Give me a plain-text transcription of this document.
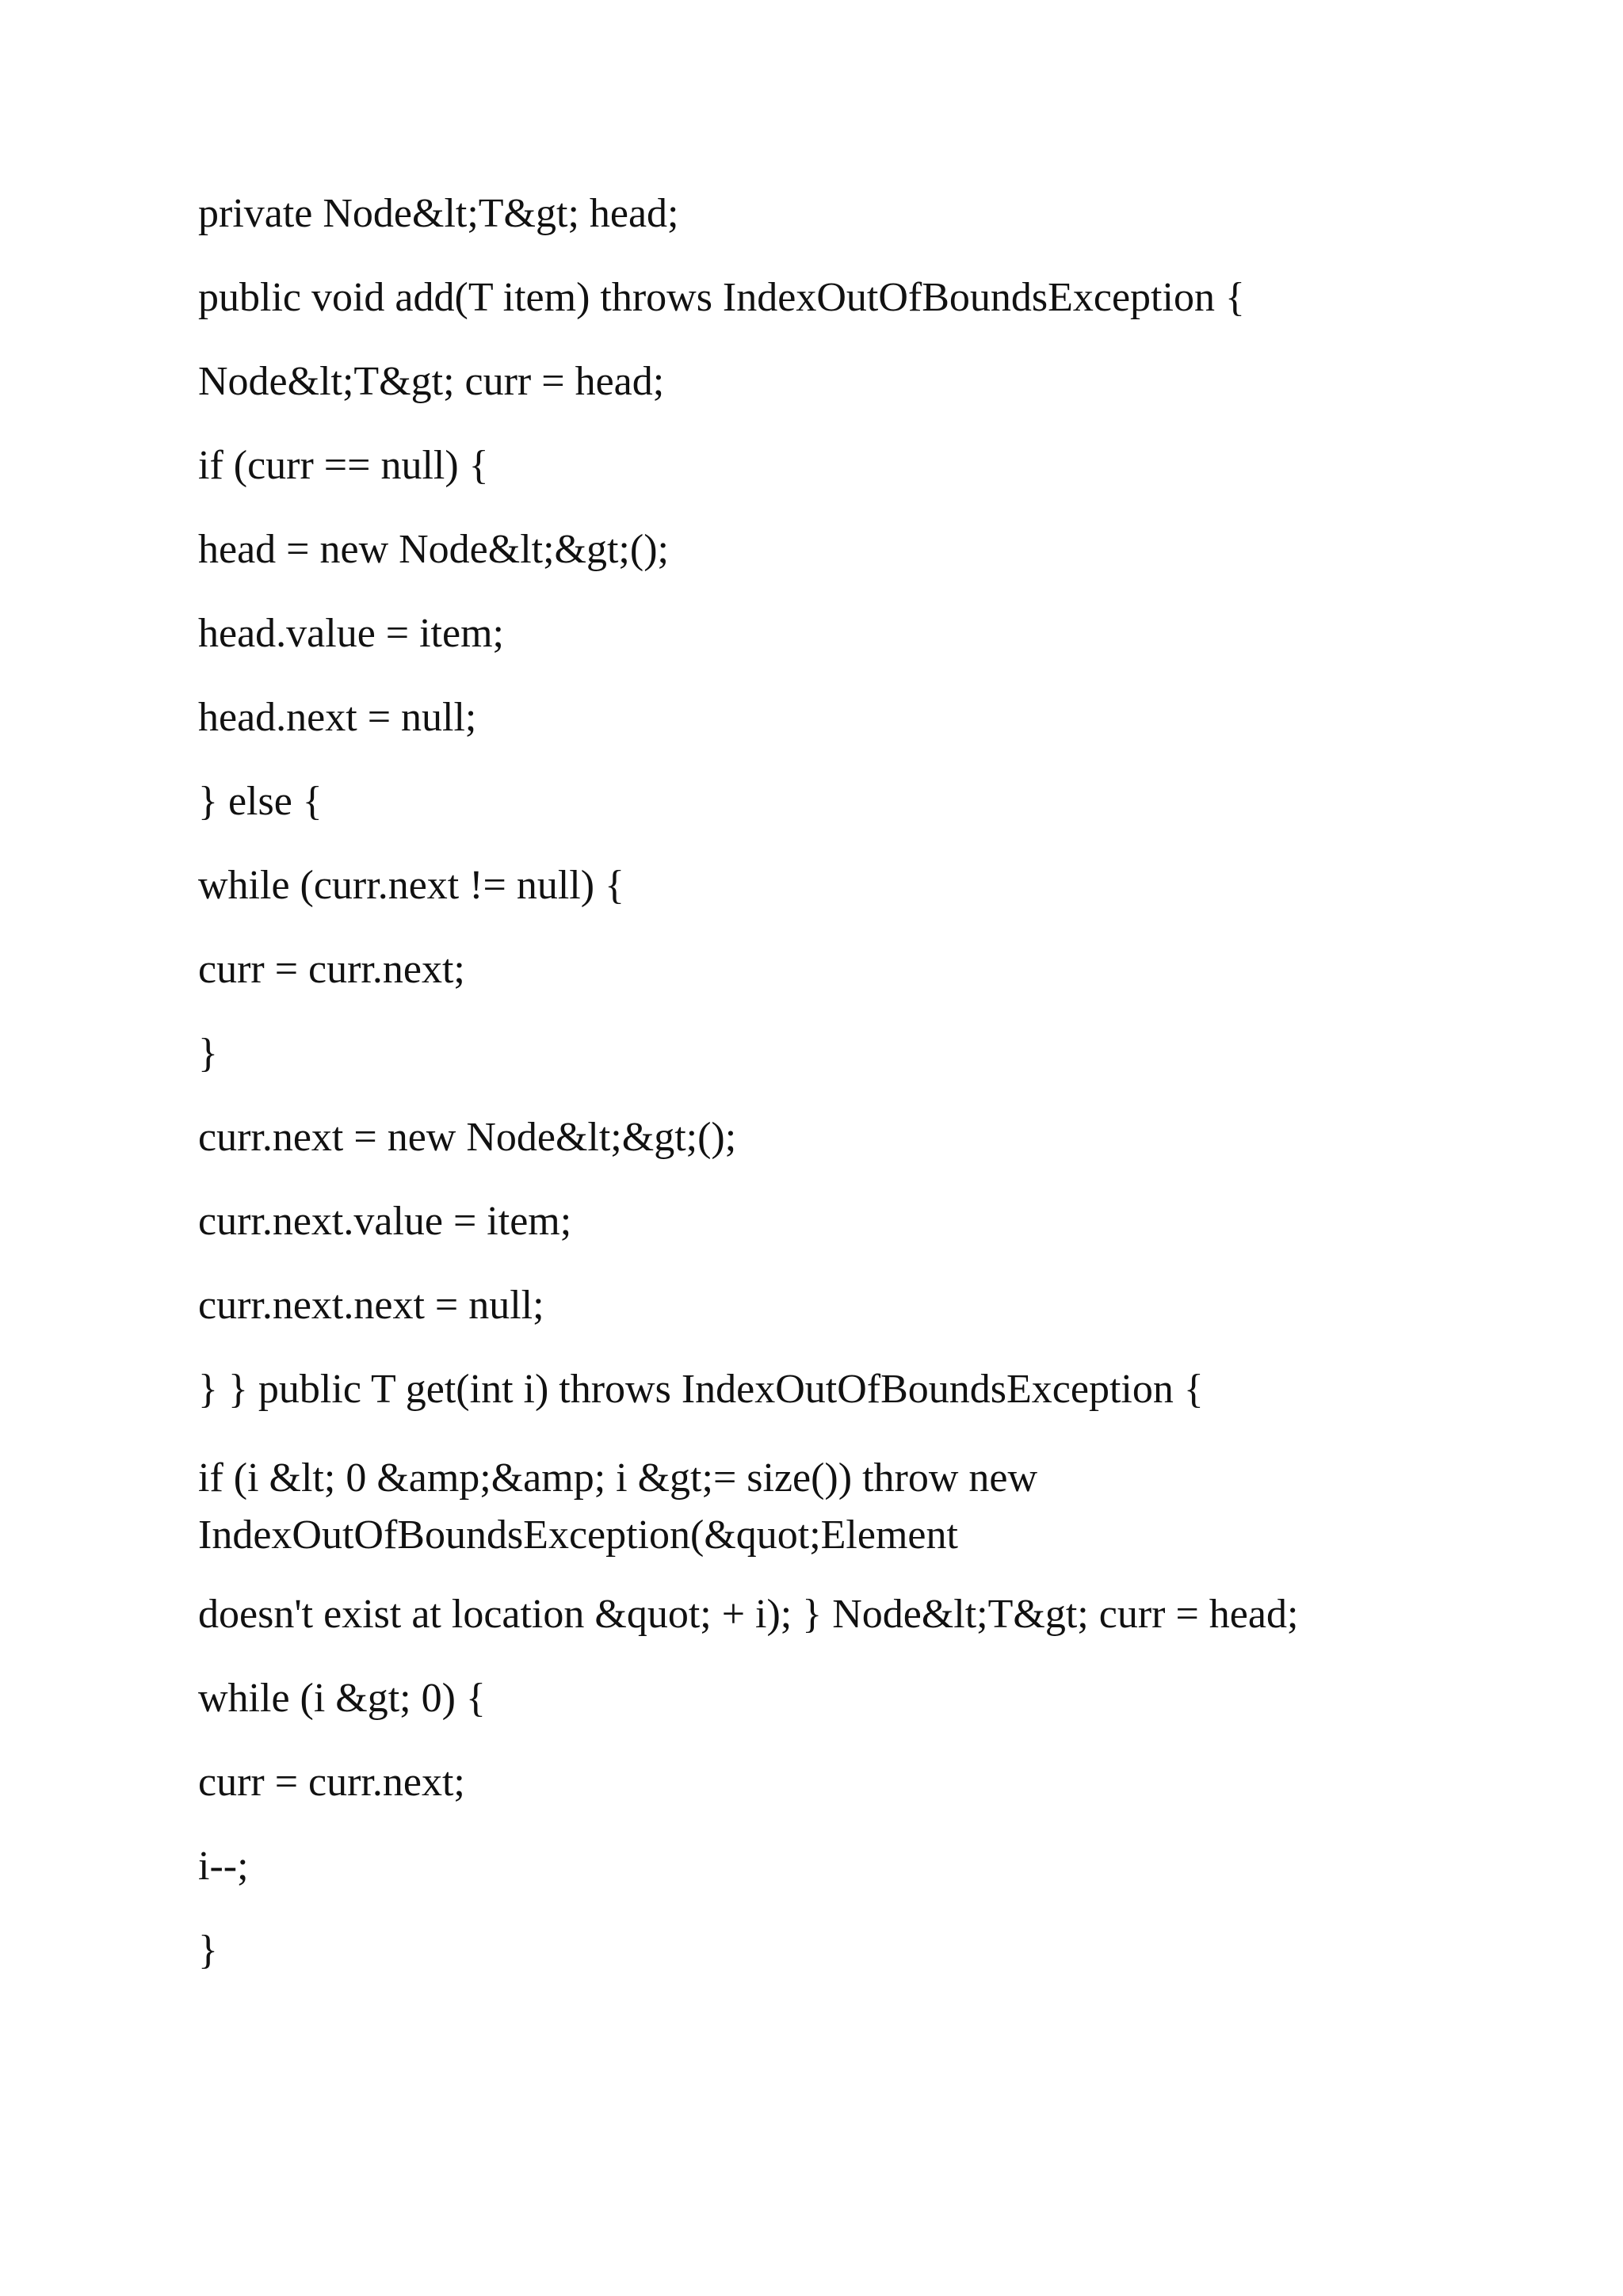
private Node&lt;T&gt; head;
public void add(T item) throws IndexOutOfBoundsException {
Node&lt;T&gt; curr = head;
if (curr == null) {
head = new Node&lt;&gt;();
head.value = item;
head.next = null;
} else {
while (curr.next != null) {
curr = curr.next;
}
curr.next = new Node&lt;&gt;();
curr.next.value = item;
curr.next.next = null;
} } public T get(int i) throws IndexOutOfBoundsException {
if (i &lt; 0 &amp;&amp; i &gt;= size()) throw new
IndexOutOfBoundsException(&quot;Element
doesn't exist at location &quot; + i); } Node&lt;T&gt; curr = head;
while (i &gt; 0) {
curr = curr.next;
i--;
}
